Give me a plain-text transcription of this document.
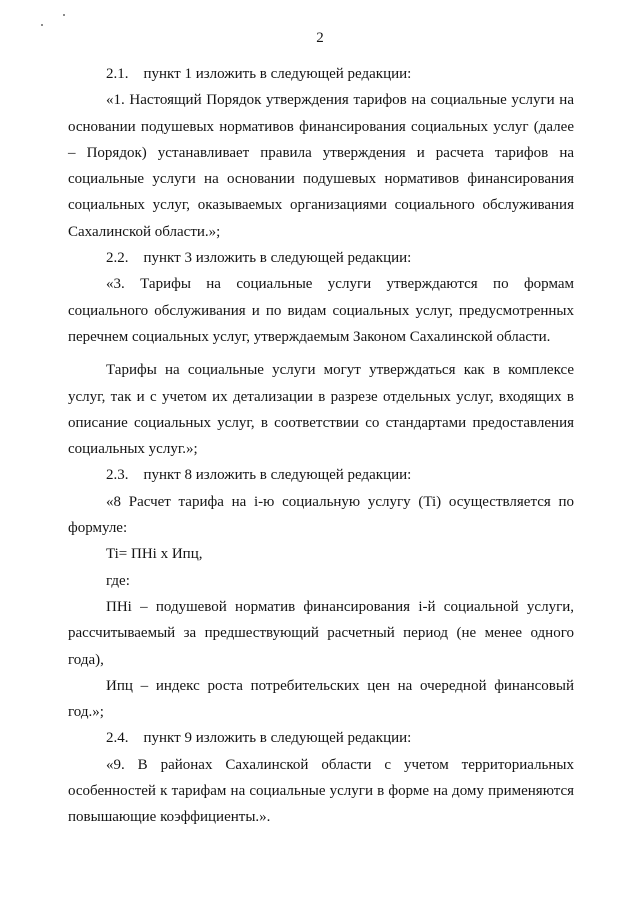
2

2.1.    пункт 1 изложить в следующей редакции:

«1. Настоящий Порядок утверждения тарифов на социальные услуги на основании подушевых нормативов финансирования социальных услуг (далее – Порядок) устанавливает правила утверждения и расчета тарифов на социальные услуги на основании подушевых нормативов финансирования социальных услуг, оказываемых организациями социального обслуживания Сахалинской области.»;

2.2.    пункт 3 изложить в следующей редакции:

«3. Тарифы на социальные услуги утверждаются по формам социального обслуживания и по видам социальных услуг, предусмотренных перечнем социальных услуг, утверждаемым Законом Сахалинской области.

Тарифы на социальные услуги могут утверждаться как в комплексе услуг, так и с учетом их детализации в разрезе отдельных услуг, входящих в описание социальных услуг, в соответствии со стандартами предоставления социальных услуг.»;

2.3.    пункт 8 изложить в следующей редакции:

«8 Расчет тарифа на i-ю социальную услугу (Ti) осуществляется по формуле:

Ti= ПНi х Ипц,

где:

ПНi – подушевой норматив финансирования i-й социальной услуги, рассчитываемый за предшествующий расчетный период (не менее одного года),

Ипц – индекс роста потребительских цен на очередной финансовый год.»;

2.4.    пункт 9 изложить в следующей редакции:

«9. В районах Сахалинской области с учетом территориальных особенностей к тарифам на социальные услуги в форме на дому применяются повышающие коэффициенты.».
